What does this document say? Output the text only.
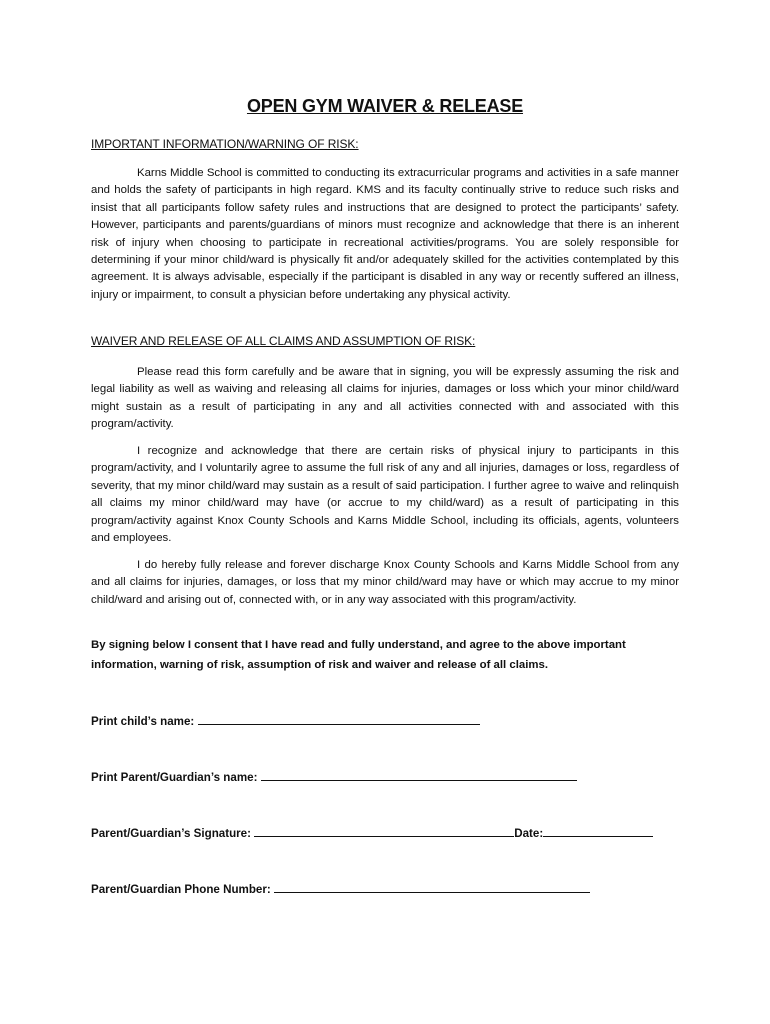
OPEN GYM WAIVER & RELEASE
IMPORTANT INFORMATION/WARNING OF RISK:

Karns Middle School is committed to conducting its extracurricular programs and activities in a safe manner and holds the safety of participants in high regard. KMS and its faculty continually strive to reduce such risks and insist that all participants follow safety rules and instructions that are designed to protect the participants’ safety. However, participants and parents/guardians of minors must recognize and acknowledge that there is an inherent risk of injury when choosing to participate in recreational activities/programs. You are solely responsible for determining if your minor child/ward is physically fit and/or adequately skilled for the activities contemplated by this agreement. It is always advisable, especially if the participant is disabled in any way or recently suffered an illness, injury or impairment, to consult a physician before undertaking any physical activity.

WAIVER AND RELEASE OF ALL CLAIMS AND ASSUMPTION OF RISK:

Please read this form carefully and be aware that in signing, you will be expressly assuming the risk and legal liability as well as waiving and releasing all claims for injuries, damages or loss which your minor child/ward might sustain as a result of participating in any and all activities connected with and associated with this program/activity.

I recognize and acknowledge that there are certain risks of physical injury to participants in this program/activity, and I voluntarily agree to assume the full risk of any and all injuries, damages or loss, regardless of severity, that my minor child/ward may sustain as a result of said participation. I further agree to waive and relinquish all claims my minor child/ward may have (or accrue to my child/ward) as a result of participating in this program/activity against Knox County Schools and Karns Middle School, including its officials, agents, volunteers and employees.

I do hereby fully release and forever discharge Knox County Schools and Karns Middle School from any and all claims for injuries, damages, or loss that my minor child/ward may have or which may accrue to my minor child/ward and arising out of, connected with, or in any way associated with this program/activity.

By signing below I consent that I have read and fully understand, and agree to the above important information, warning of risk, assumption of risk and waiver and release of all claims.

Print child’s name:
Print Parent/Guardian’s name:
Parent/Guardian’s Signature:	Date:
Parent/Guardian Phone Number:
